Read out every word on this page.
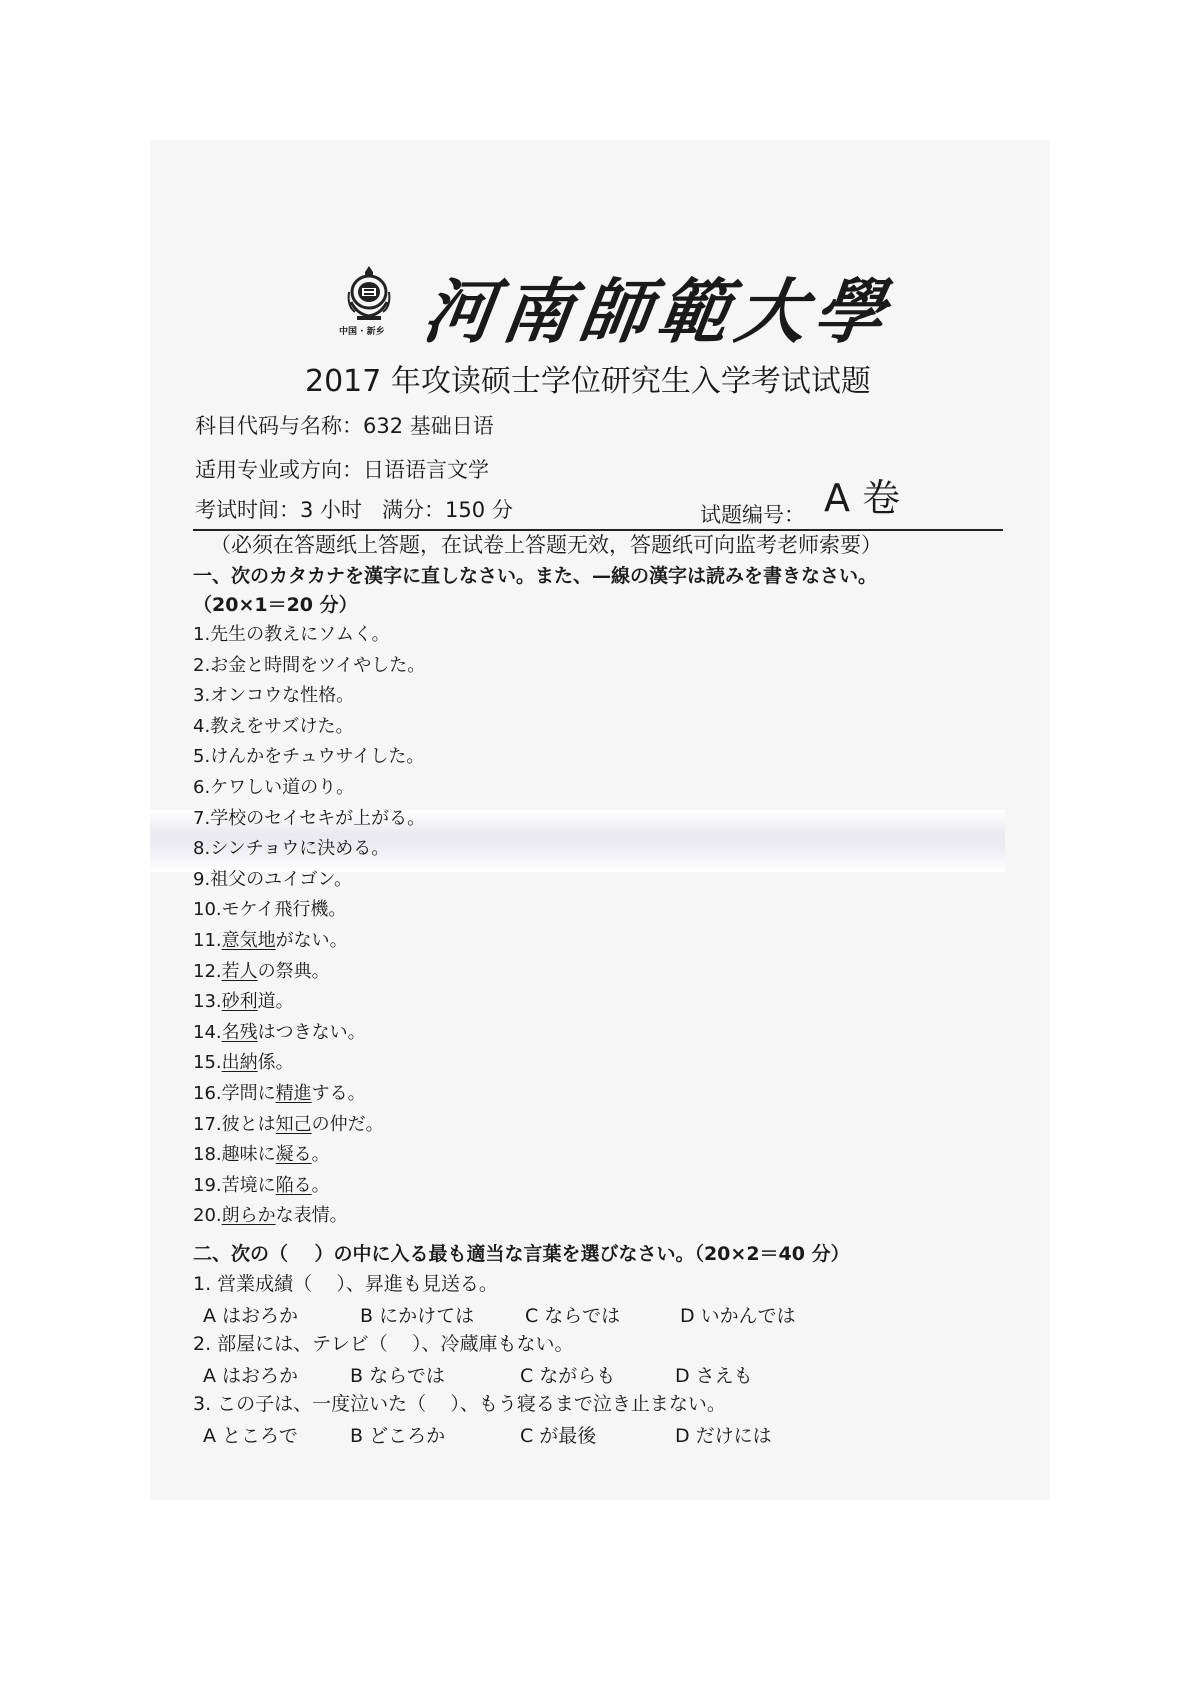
中国 · 新乡 河南師範大學
2017 年攻读硕士学位研究生入学考试试题
科目代码与名称：632 基础日语
适用专业或方向：日语语言文学
考试时间：3 小时   满分：150 分	试题编号： A 卷
（必须在答题纸上答题，在试卷上答题无效，答题纸可向监考老师索要）
一、次のカタカナを漢字に直しなさい。また、—線の漢字は読みを書きなさい。
（20×1＝20 分）
1.先生の教えにソムく。
2.お金と時間をツイやした。
3.オンコウな性格。
4.教えをサズけた。
5.けんかをチュウサイした。
6.ケワしい道のり。
7.学校のセイセキが上がる。
8.シンチョウに決める。
9.祖父のユイゴン。
10.モケイ飛行機。
11.意気地がない。
12.若人の祭典。
13.砂利道。
14.名残はつきない。
15.出納係。
16.学問に精進する。
17.彼とは知己の仲だ。
18.趣味に凝る。
19.苦境に陥る。
20.朗らかな表情。
二、次の（    ）の中に入る最も適当な言葉を選びなさい。（20×2＝40 分）
1. 営業成績（    ）、昇進も見送る。
A はおろか	B にかけては	C ならでは	D いかんでは
2. 部屋には、テレビ（    ）、冷蔵庫もない。
A はおろか	B ならでは	C ながらも	D さえも
3. この子は、一度泣いた（    ）、もう寝るまで泣き止まない。
A ところで	B どころか	C が最後	D だけには
